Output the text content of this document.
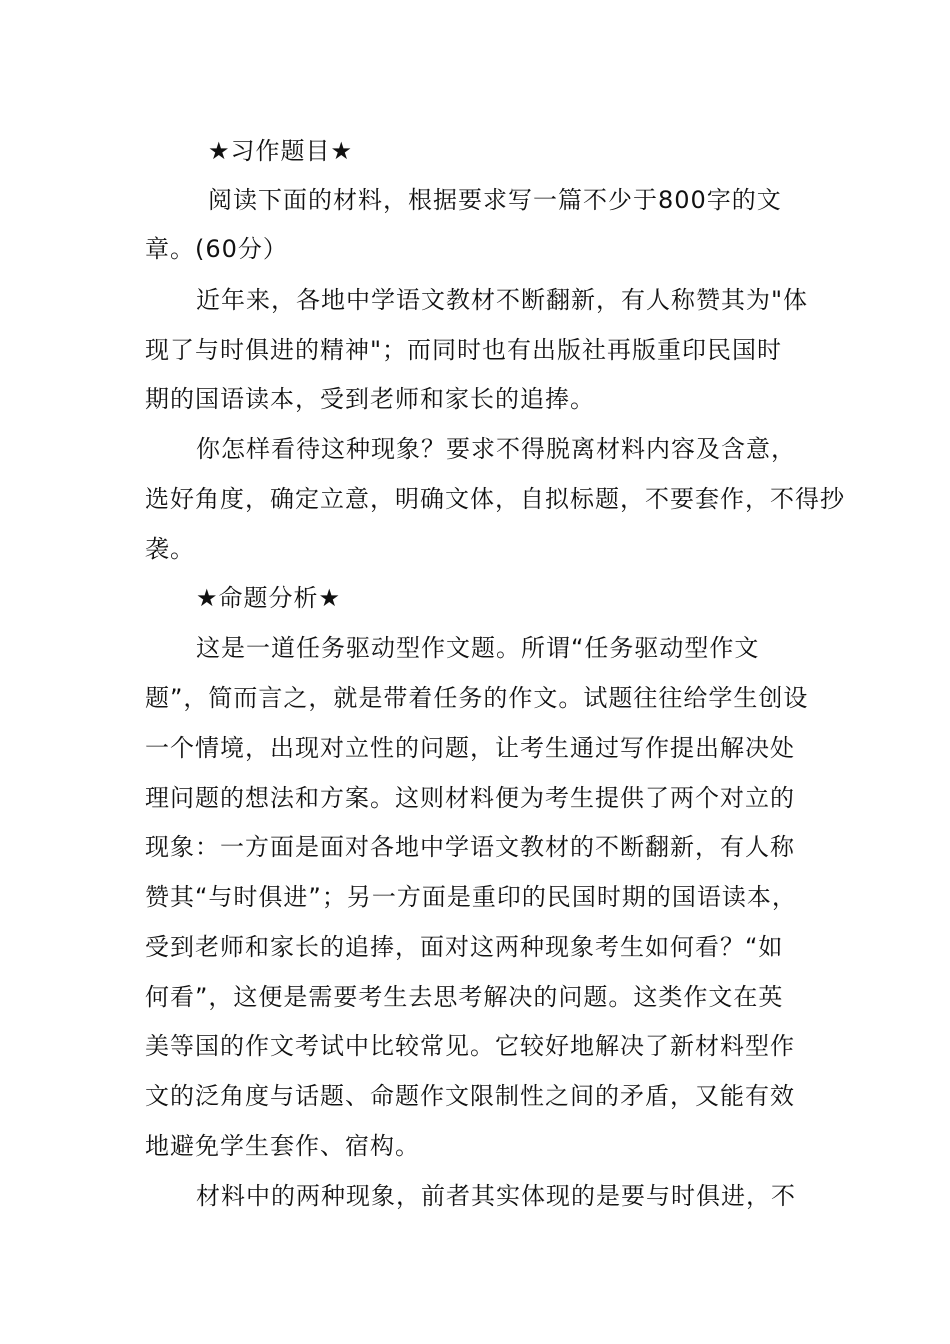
★习作题目★
阅读下面的材料，根据要求写一篇不少于800字的文
章。(60分）
近年来，各地中学语文教材不断翻新，有人称赞其为"体
现了与时俱进的精神"；而同时也有出版社再版重印民国时
期的国语读本，受到老师和家长的追捧。
你怎样看待这种现象？要求不得脱离材料内容及含意，
选好角度，确定立意，明确文体，自拟标题，不要套作，不得抄
袭。
★命题分析★
这是一道任务驱动型作文题。所谓“任务驱动型作文
题”，简而言之，就是带着任务的作文。试题往往给学生创设
一个情境，出现对立性的问题，让考生通过写作提出解决处
理问题的想法和方案。这则材料便为考生提供了两个对立的
现象：一方面是面对各地中学语文教材的不断翻新，有人称
赞其“与时俱进”；另一方面是重印的民国时期的国语读本，
受到老师和家长的追捧，面对这两种现象考生如何看？“如
何看”，这便是需要考生去思考解决的问题。这类作文在英
美等国的作文考试中比较常见。它较好地解决了新材料型作
文的泛角度与话题、命题作文限制性之间的矛盾，又能有效
地避免学生套作、宿构。
材料中的两种现象，前者其实体现的是要与时俱进，不
